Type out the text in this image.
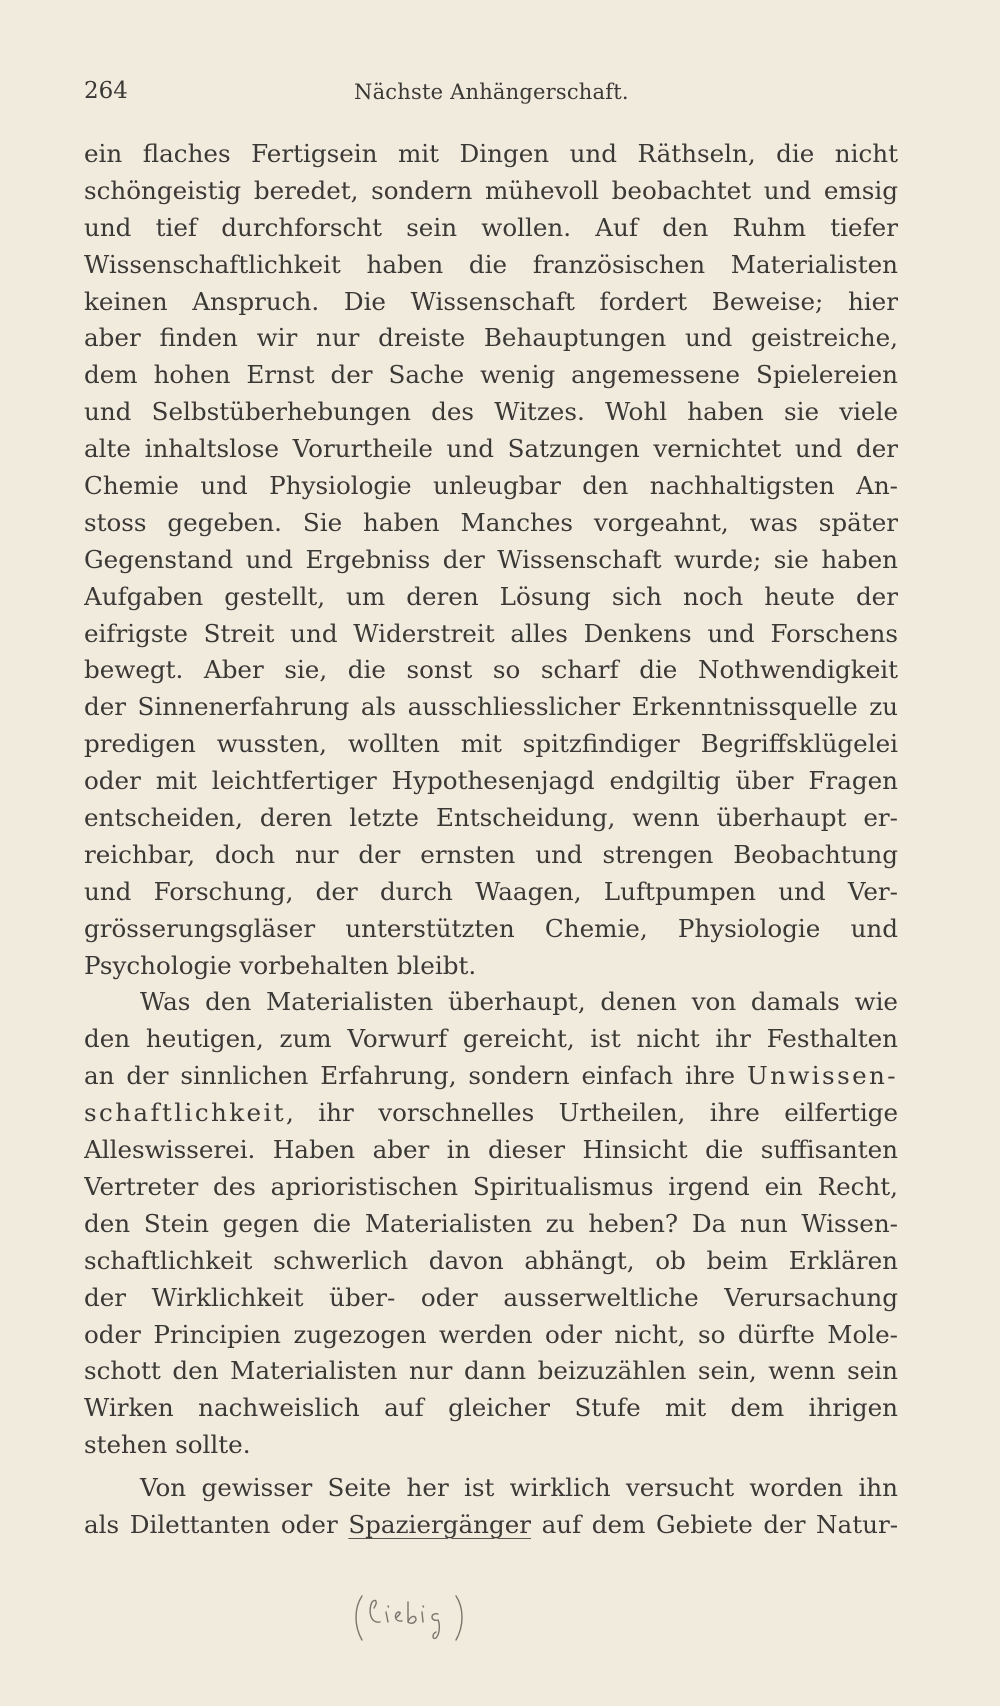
264	Nächste Anhängerschaft.
ein flaches Fertigsein mit Dingen und Räthseln, die nicht
schöngeistig beredet, sondern mühevoll beobachtet und emsig
und tief durchforscht sein wollen. Auf den Ruhm tiefer
Wissenschaftlichkeit haben die französischen Materialisten
keinen Anspruch. Die Wissenschaft fordert Beweise; hier
aber finden wir nur dreiste Behauptungen und geistreiche,
dem hohen Ernst der Sache wenig angemessene Spielereien
und Selbstüberhebungen des Witzes. Wohl haben sie viele
alte inhaltslose Vorurtheile und Satzungen vernichtet und der
Chemie und Physiologie unleugbar den nachhaltigsten An-
stoss gegeben. Sie haben Manches vorgeahnt, was später
Gegenstand und Ergebniss der Wissenschaft wurde; sie haben
Aufgaben gestellt, um deren Lösung sich noch heute der
eifrigste Streit und Widerstreit alles Denkens und Forschens
bewegt. Aber sie, die sonst so scharf die Nothwendigkeit
der Sinnenerfahrung als ausschliesslicher Erkenntnissquelle zu
predigen wussten, wollten mit spitzfindiger Begriffsklügelei
oder mit leichtfertiger Hypothesenjagd endgiltig über Fragen
entscheiden, deren letzte Entscheidung, wenn überhaupt er-
reichbar, doch nur der ernsten und strengen Beobachtung
und Forschung, der durch Waagen, Luftpumpen und Ver-
grösserungsgläser unterstützten Chemie, Physiologie und
Psychologie vorbehalten bleibt.
Was den Materialisten überhaupt, denen von damals wie
den heutigen, zum Vorwurf gereicht, ist nicht ihr Festhalten
an der sinnlichen Erfahrung, sondern einfach ihre Unwissen-
schaftlichkeit, ihr vorschnelles Urtheilen, ihre eilfertige
Alleswisserei. Haben aber in dieser Hinsicht die suffisanten
Vertreter des aprioristischen Spiritualismus irgend ein Recht,
den Stein gegen die Materialisten zu heben? Da nun Wissen-
schaftlichkeit schwerlich davon abhängt, ob beim Erklären
der Wirklichkeit über- oder ausserweltliche Verursachung
oder Principien zugezogen werden oder nicht, so dürfte Mole-
schott den Materialisten nur dann beizuzählen sein, wenn sein
Wirken nachweislich auf gleicher Stufe mit dem ihrigen
stehen sollte.
Von gewisser Seite her ist wirklich versucht worden ihn
als Dilettanten oder Spaziergänger auf dem Gebiete der Natur-
(Liebig)
